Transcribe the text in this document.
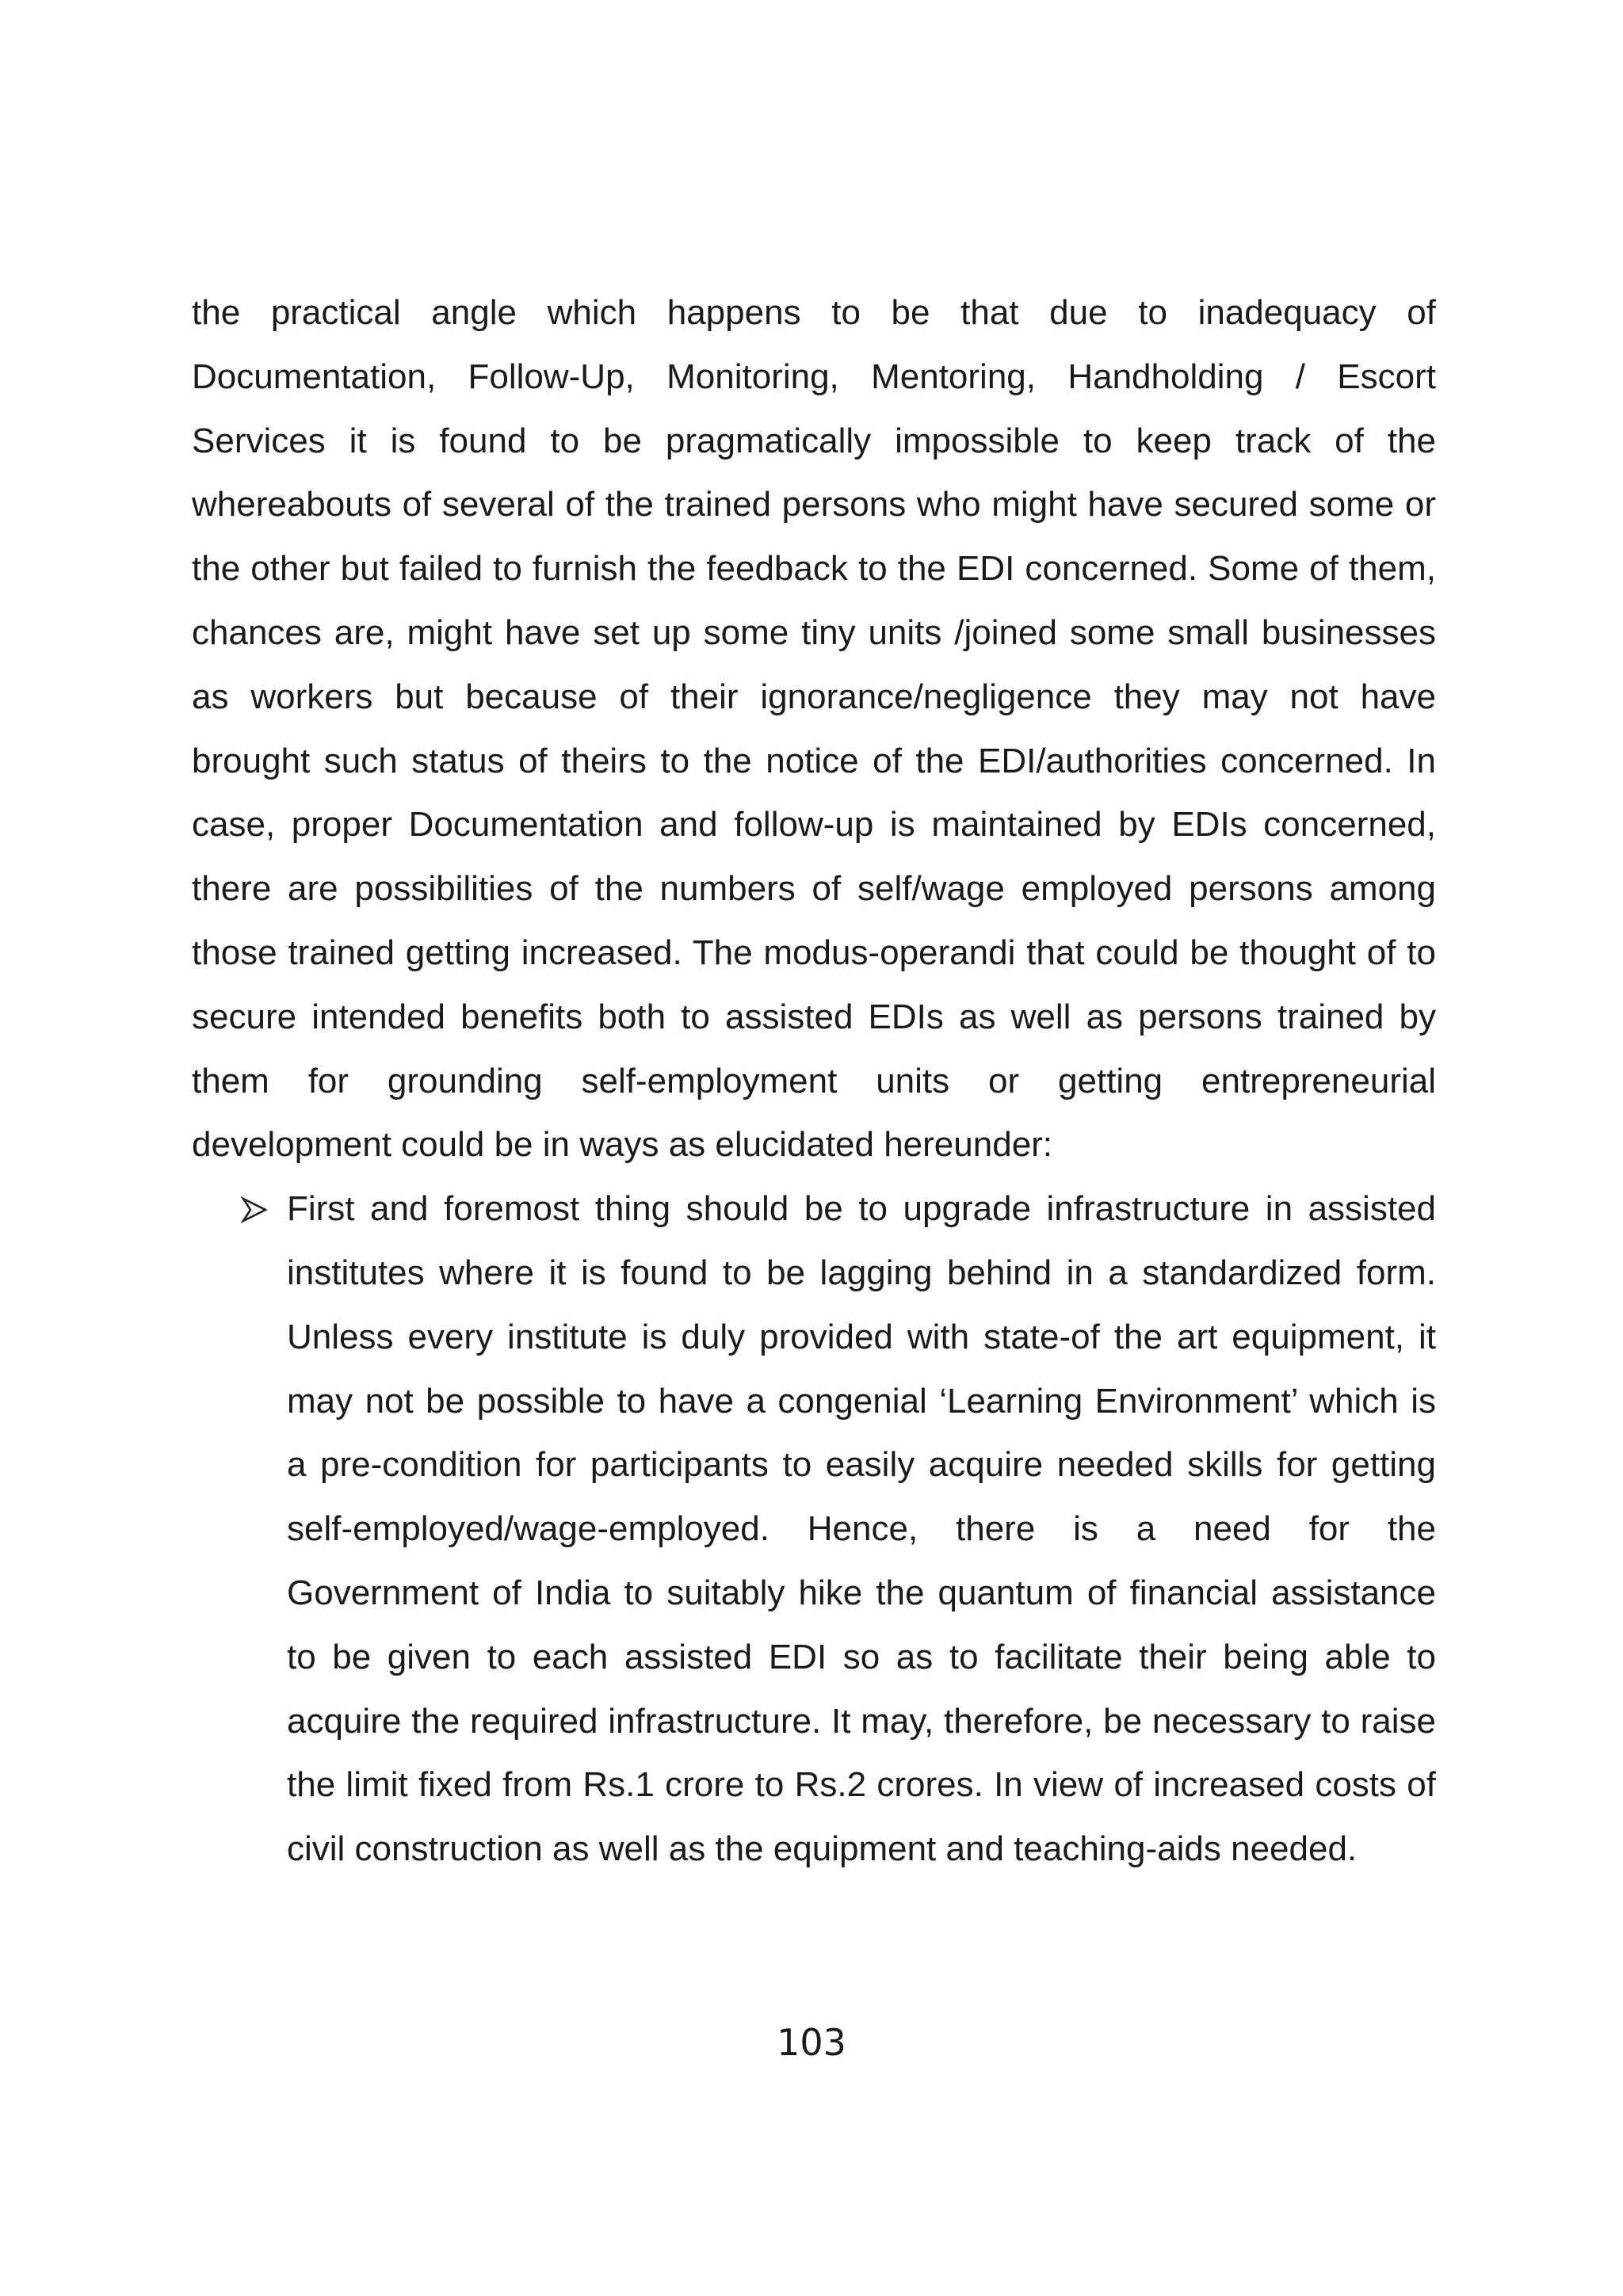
the practical angle which happens to be that due to inadequacy of Documentation, Follow-Up, Monitoring, Mentoring, Handholding / Escort Services it is found to be pragmatically impossible to keep track of the whereabouts of several of the trained persons who might have secured some or the other but failed to furnish the feedback to the EDI concerned. Some of them, chances are, might have set up some tiny units /joined some small businesses as workers but because of their ignorance/negligence they may not have brought such status of theirs to the notice of the EDI/authorities concerned. In case, proper Documentation and follow-up is maintained by EDIs concerned, there are possibilities of the numbers of self/wage employed persons among those trained getting increased. The modus-operandi that could be thought of to secure intended benefits both to assisted EDIs as well as persons trained by them for grounding self-employment units or getting entrepreneurial development could be in ways as elucidated hereunder:

First and foremost thing should be to upgrade infrastructure in assisted institutes where it is found to be lagging behind in a standardized form. Unless every institute is duly provided with state-of the art equipment, it may not be possible to have a congenial ‘Learning Environment’ which is a pre-condition for participants to easily acquire needed skills for getting self-employed/wage-employed. Hence, there is a need for the Government of India to suitably hike the quantum of financial assistance to be given to each assisted EDI so as to facilitate their being able to acquire the required infrastructure. It may, therefore, be necessary to raise the limit fixed from Rs.1 crore to Rs.2 crores. In view of increased costs of civil construction as well as the equipment and teaching-aids needed.
103
